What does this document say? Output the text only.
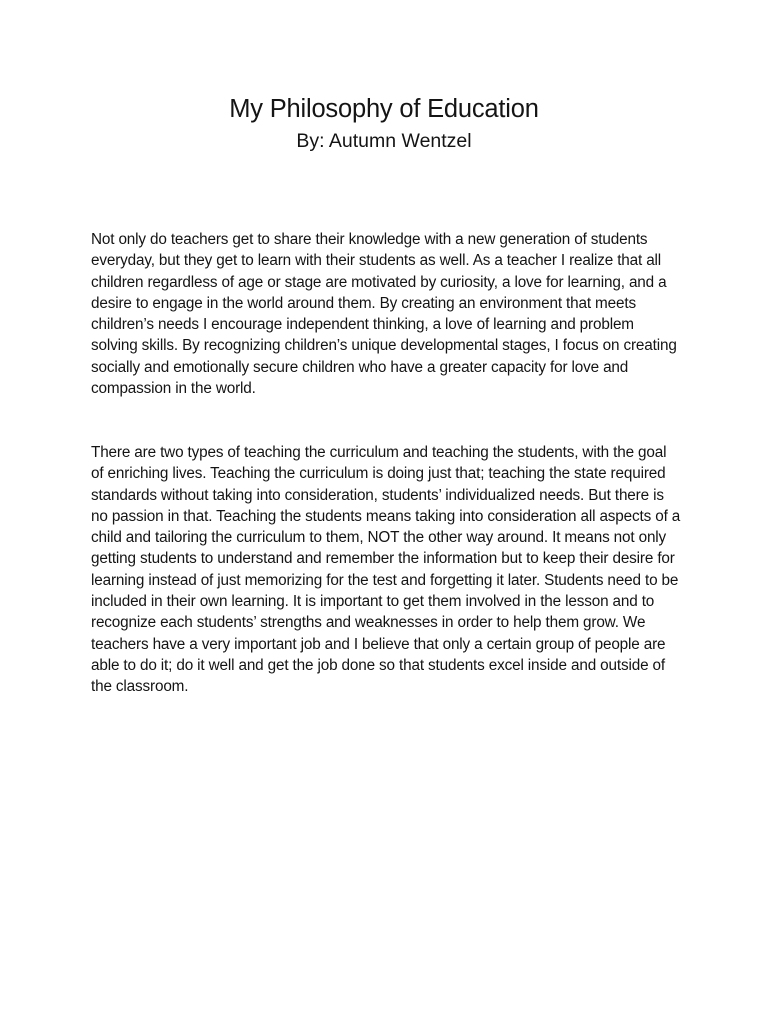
My Philosophy of Education
By: Autumn Wentzel

Not only do teachers get to share their knowledge with a new generation of students everyday, but they get to learn with their students as well. As a teacher I realize that all children regardless of age or stage are motivated by curiosity, a love for learning, and a desire to engage in the world around them. By creating an environment that meets children’s needs I encourage independent thinking, a love of learning and problem solving skills. By recognizing children’s unique developmental stages, I focus on creating socially and emotionally secure children who have a greater capacity for love and compassion in the world.

There are two types of teaching the curriculum and teaching the students, with the goal of enriching lives. Teaching the curriculum is doing just that; teaching the state required standards without taking into consideration, students’ individualized needs. But there is no passion in that. Teaching the students means taking into consideration all aspects of a child and tailoring the curriculum to them, NOT the other way around. It means not only getting students to understand and remember the information but to keep their desire for learning instead of just memorizing for the test and forgetting it later. Students need to be included in their own learning. It is important to get them involved in the lesson and to recognize each students’ strengths and weaknesses in order to help them grow. We teachers have a very important job and I believe that only a certain group of people are able to do it; do it well and get the job done so that students excel inside and outside of the classroom.
